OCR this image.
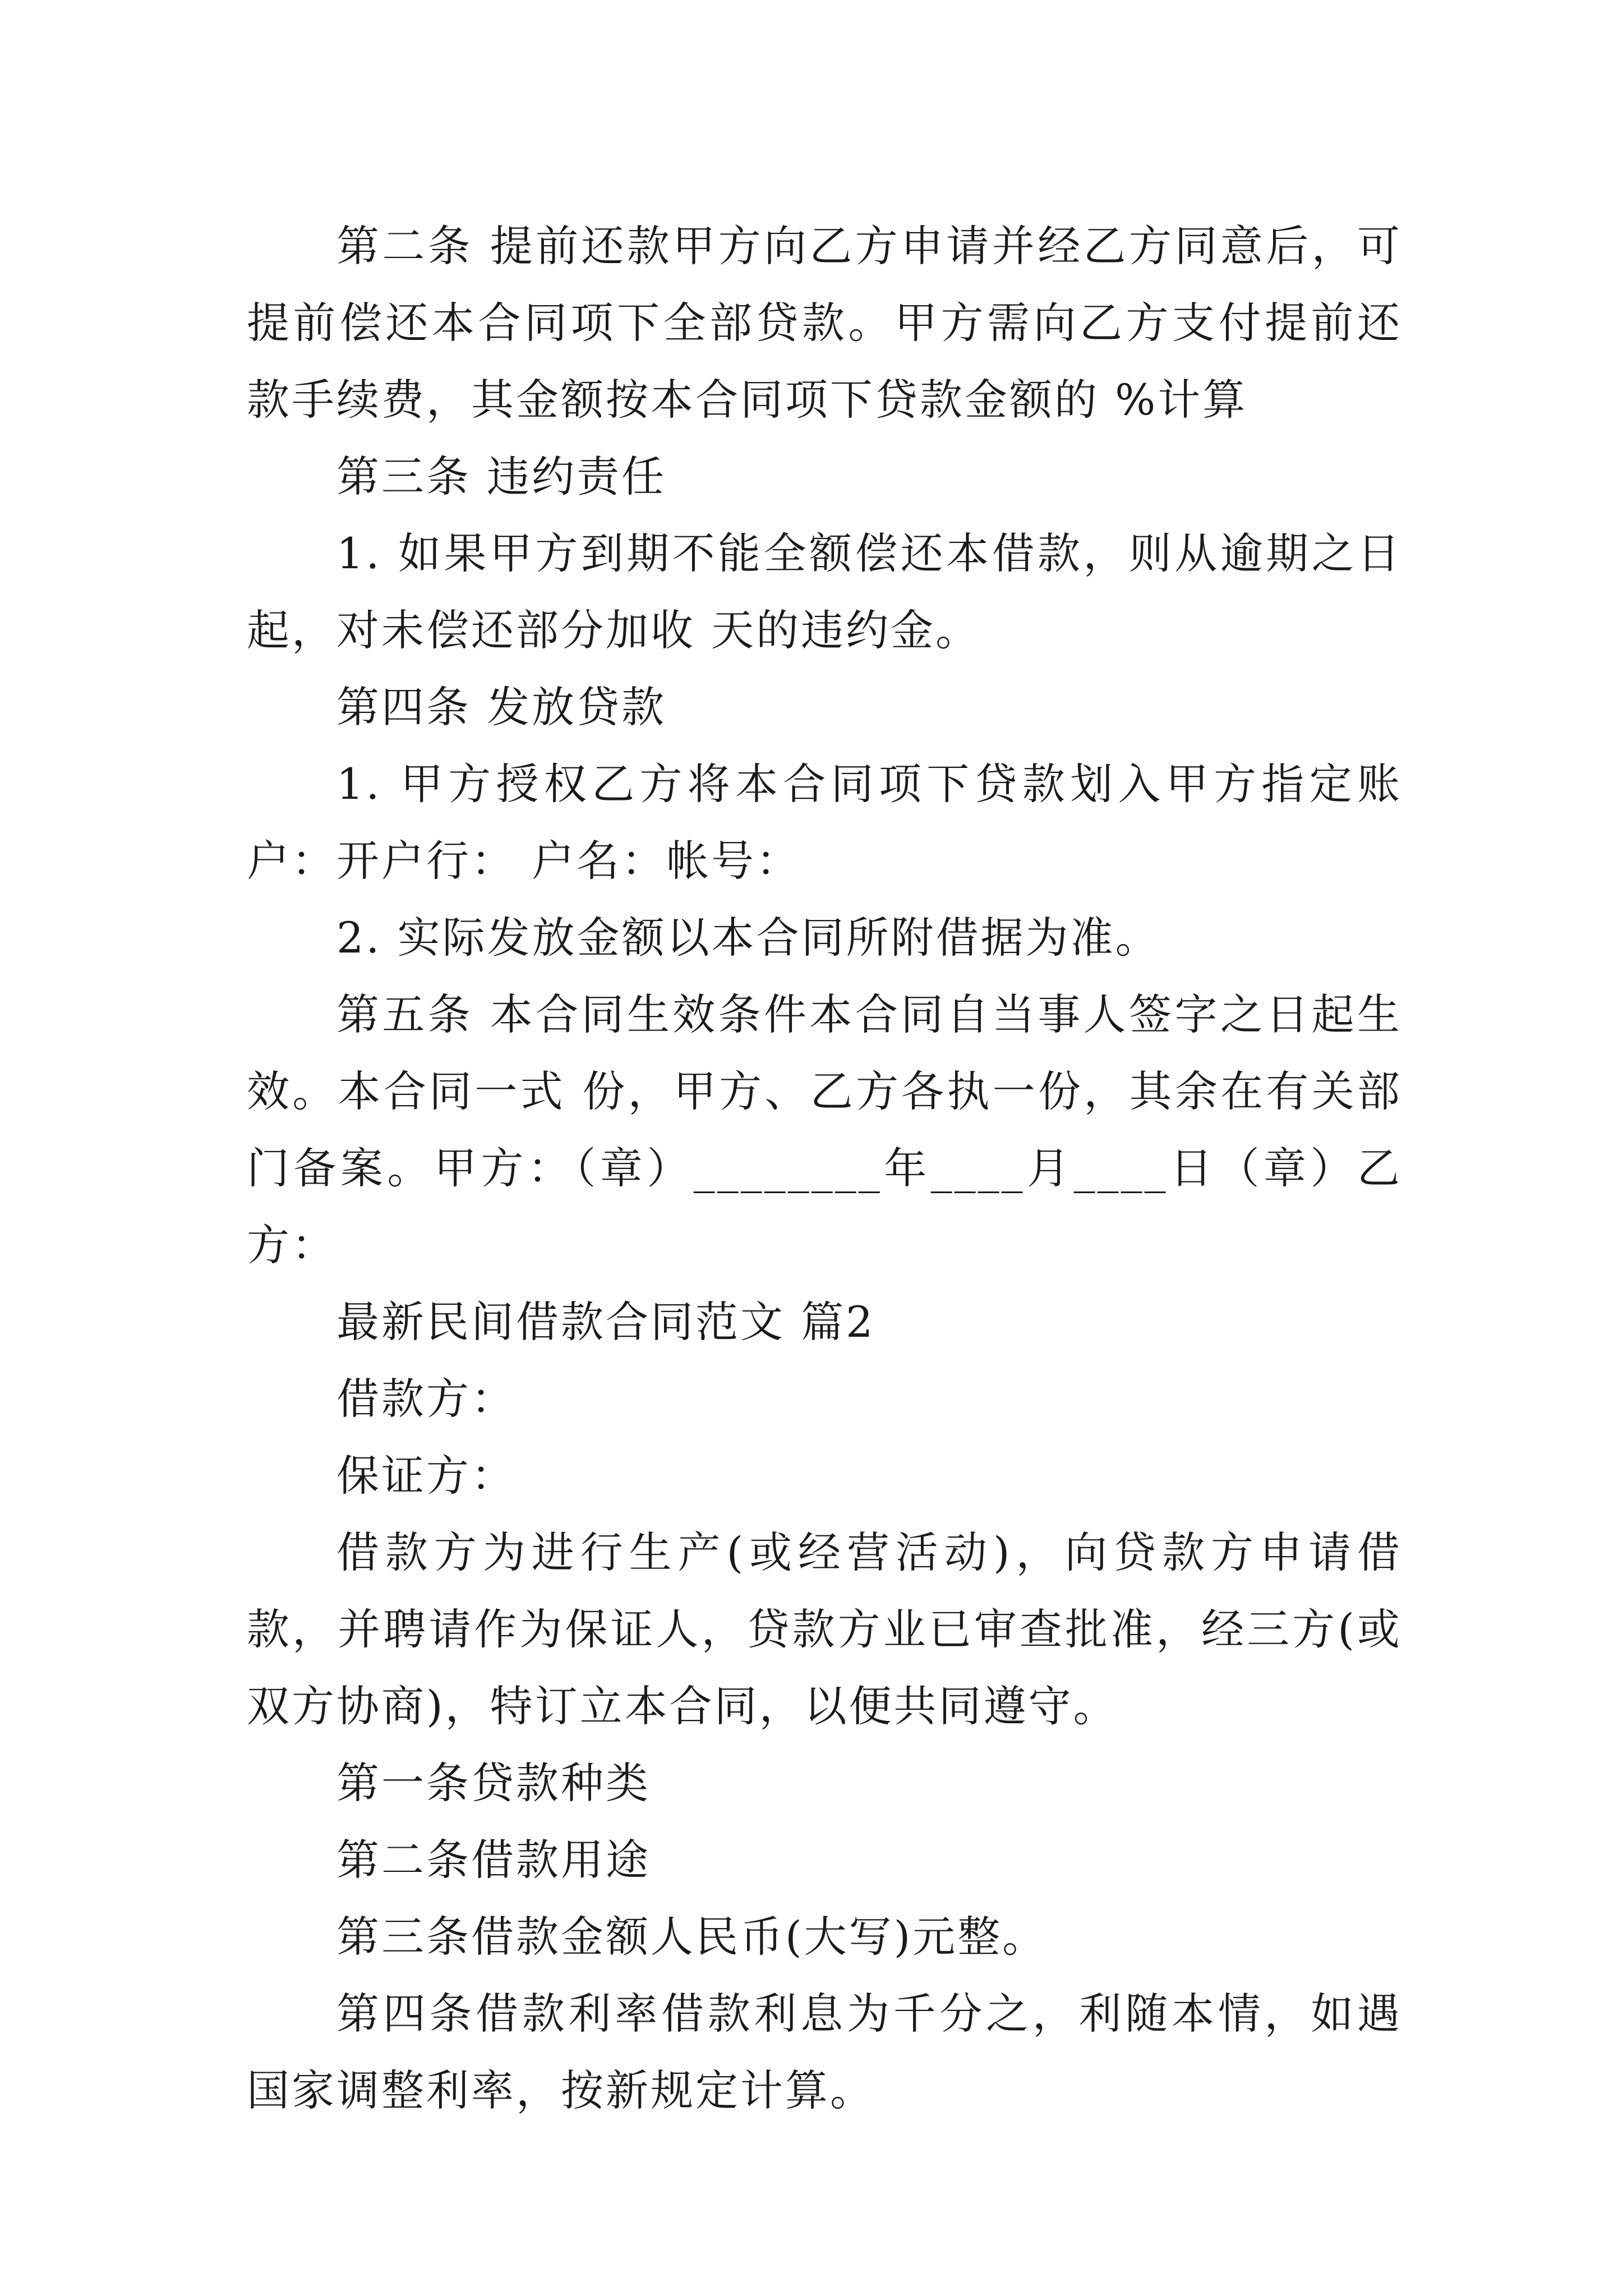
第二条 提前还款甲方向乙方申请并经乙方同意后，可提前偿还本合同项下全部贷款。甲方需向乙方支付提前还款手续费，其金额按本合同项下贷款金额的 %计算

第三条 违约责任

1. 如果甲方到期不能全额偿还本借款，则从逾期之日起，对未偿还部分加收 天的违约金。

第四条 发放贷款

1. 甲方授权乙方将本合同项下贷款划入甲方指定账户：开户行： 户名：帐号：

2. 实际发放金额以本合同所附借据为准。

第五条 本合同生效条件本合同自当事人签字之日起生效。本合同一式 份，甲方、乙方各执一份，其余在有关部门备案。甲方：（章）________年____月____日（章）乙方：

最新民间借款合同范文 篇2

借款方：

保证方：

借款方为进行生产(或经营活动)，向贷款方申请借款，并聘请作为保证人，贷款方业已审查批准，经三方(或双方协商)，特订立本合同，以便共同遵守。

第一条贷款种类

第二条借款用途

第三条借款金额人民币(大写)元整。

第四条借款利率借款利息为千分之，利随本情，如遇国家调整利率，按新规定计算。
